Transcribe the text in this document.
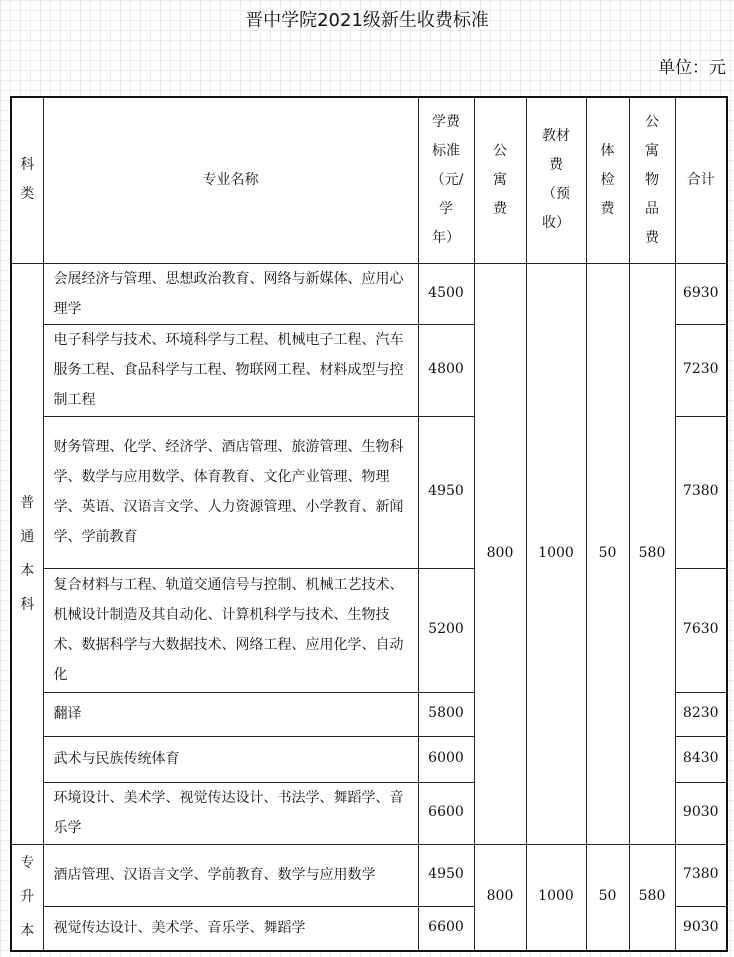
晋中学院2021级新生收费标准
单位：元
科类	专业名称	学费标准（元/学年）	公寓费	教材费（预收）	体检费	公寓物品费	合计
普通本科	会展经济与管理、思想政治教育、网络与新媒体、应用心理学	4500	800	1000	50	580	6930
	电子科学与技术、环境科学与工程、机械电子工程、汽车服务工程、食品科学与工程、物联网工程、材料成型与控制工程	4800					7230
	财务管理、化学、经济学、酒店管理、旅游管理、生物科学、数学与应用数学、体育教育、文化产业管理、物理学、英语、汉语言文学、人力资源管理、小学教育、新闻学、学前教育	4950					7380
	复合材料与工程、轨道交通信号与控制、机械工艺技术、机械设计制造及其自动化、计算机科学与技术、生物技术、数据科学与大数据技术、网络工程、应用化学、自动化	5200					7630
	翻译	5800					8230
	武术与民族传统体育	6000					8430
	环境设计、美术学、视觉传达设计、书法学、舞蹈学、音乐学	6600					9030
专升本	酒店管理、汉语言文学、学前教育、数学与应用数学	4950	800	1000	50	580	7380
	视觉传达设计、美术学、音乐学、舞蹈学	6600					9030
